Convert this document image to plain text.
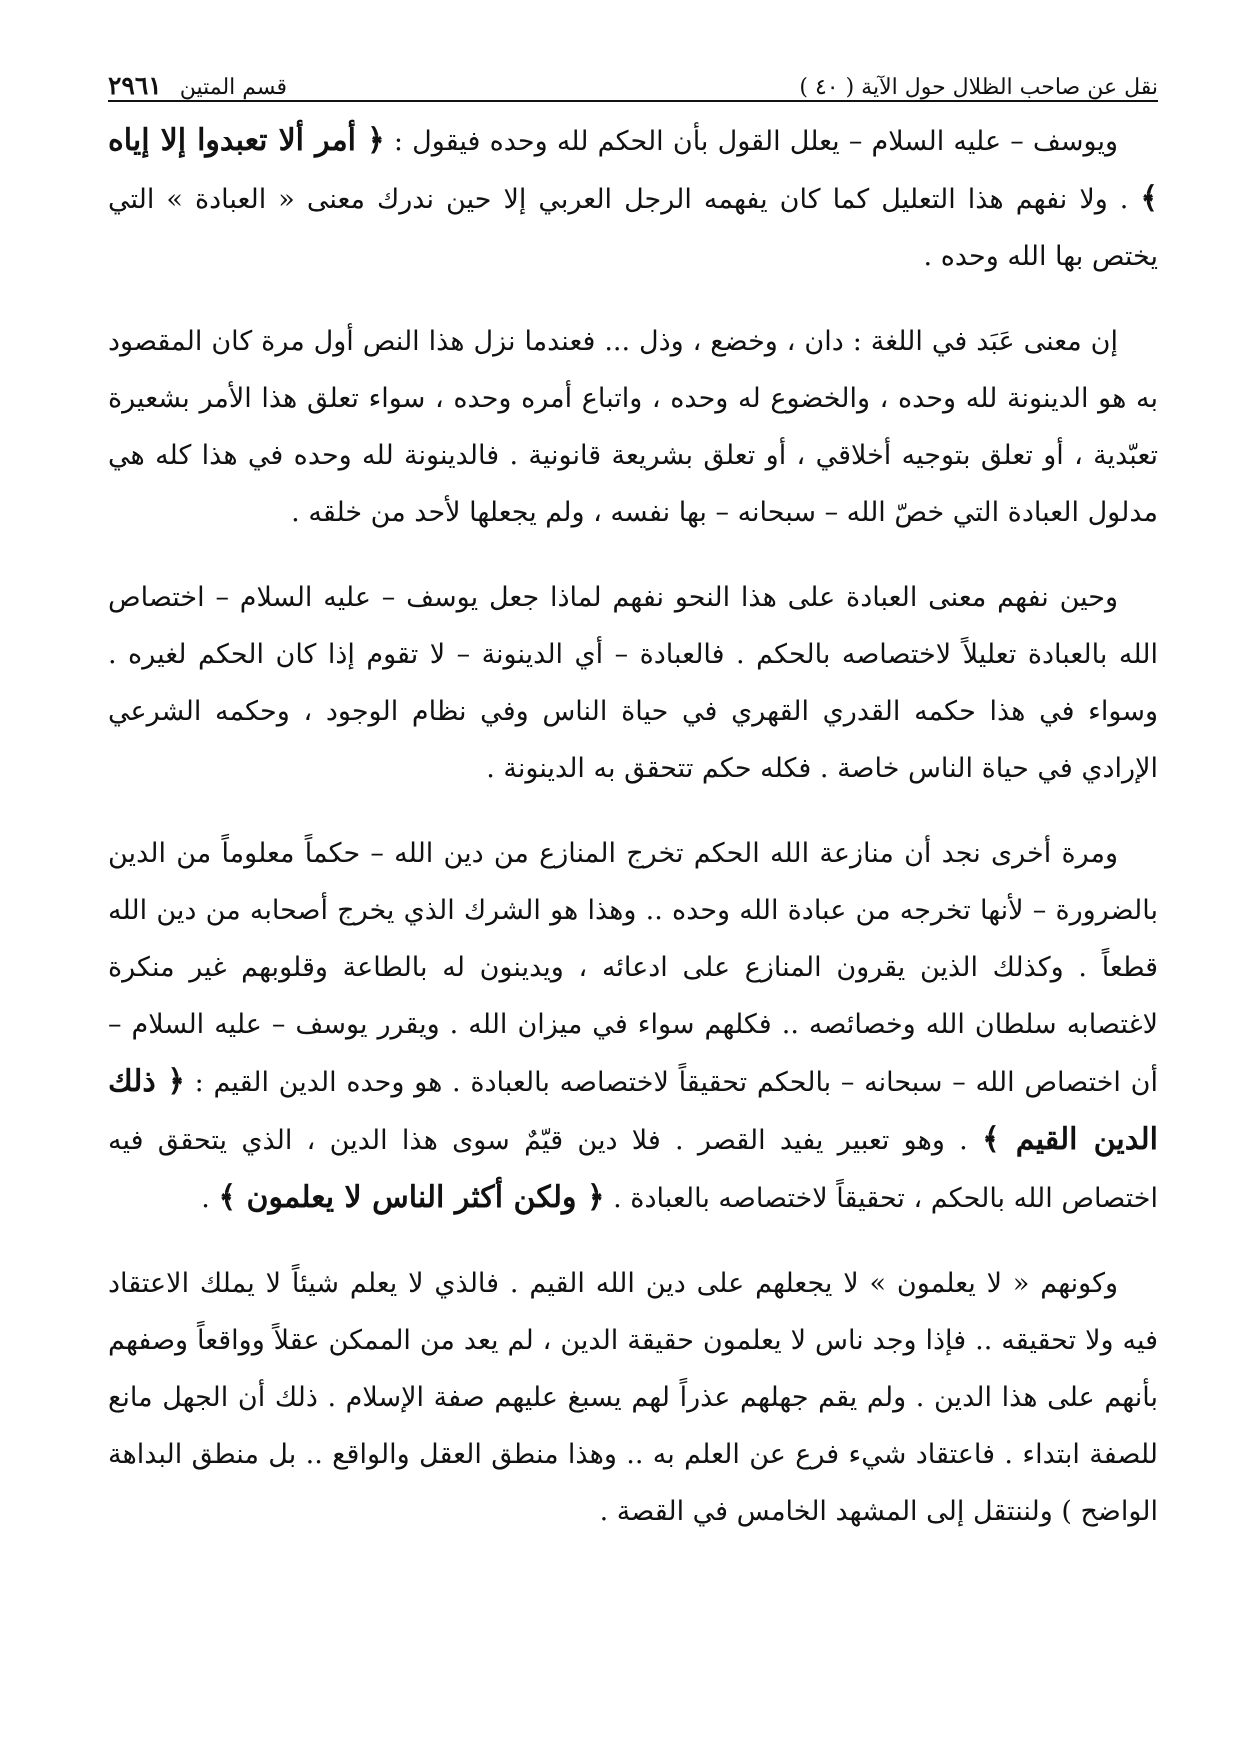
نقل عن صاحب الظلال حول الآية ( ٤٠ )
قسم المتين
٢٩٦١

ويوسف – عليه السلام – يعلل القول بأن الحكم لله وحده فيقول : ﴿ أمر ألا تعبدوا إلا إياه ﴾ . ولا نفهم هذا التعليل كما كان يفهمه الرجل العربي إلا حين ندرك معنى « العبادة » التي يختص بها الله وحده .

إن معنى عَبَد في اللغة : دان ، وخضع ، وذل ... فعندما نزل هذا النص أول مرة كان المقصود به هو الدينونة لله وحده ، والخضوع له وحده ، واتباع أمره وحده ، سواء تعلق هذا الأمر بشعيرة تعبّدية ، أو تعلق بتوجيه أخلاقي ، أو تعلق بشريعة قانونية . فالدينونة لله وحده في هذا كله هي مدلول العبادة التي خصّ الله – سبحانه – بها نفسه ، ولم يجعلها لأحد من خلقه .

وحين نفهم معنى العبادة على هذا النحو نفهم لماذا جعل يوسف – عليه السلام – اختصاص الله بالعبادة تعليلاً لاختصاصه بالحكم . فالعبادة – أي الدينونة – لا تقوم إذا كان الحكم لغيره . وسواء في هذا حكمه القدري القهري في حياة الناس وفي نظام الوجود ، وحكمه الشرعي الإرادي في حياة الناس خاصة . فكله حكم تتحقق به الدينونة .

ومرة أخرى نجد أن منازعة الله الحكم تخرج المنازع من دين الله – حكماً معلوماً من الدين بالضرورة – لأنها تخرجه من عبادة الله وحده .. وهذا هو الشرك الذي يخرج أصحابه من دين الله قطعاً . وكذلك الذين يقرون المنازع على ادعائه ، ويدينون له بالطاعة وقلوبهم غير منكرة لاغتصابه سلطان الله وخصائصه .. فكلهم سواء في ميزان الله . ويقرر يوسف – عليه السلام – أن اختصاص الله – سبحانه – بالحكم تحقيقاً لاختصاصه بالعبادة . هو وحده الدين القيم : ﴿ ذلك الدين القيم ﴾ . وهو تعبير يفيد القصر . فلا دين قيّمٌ سوى هذا الدين ، الذي يتحقق فيه اختصاص الله بالحكم ، تحقيقاً لاختصاصه بالعبادة . ﴿ ولكن أكثر الناس لا يعلمون ﴾ .

وكونهم « لا يعلمون » لا يجعلهم على دين الله القيم . فالذي لا يعلم شيئاً لا يملك الاعتقاد فيه ولا تحقيقه .. فإذا وجد ناس لا يعلمون حقيقة الدين ، لم يعد من الممكن عقلاً وواقعاً وصفهم بأنهم على هذا الدين . ولم يقم جهلهم عذراً لهم يسبغ عليهم صفة الإسلام . ذلك أن الجهل مانع للصفة ابتداء . فاعتقاد شيء فرع عن العلم به .. وهذا منطق العقل والواقع .. بل منطق البداهة الواضح ) ولننتقل إلى المشهد الخامس في القصة .
